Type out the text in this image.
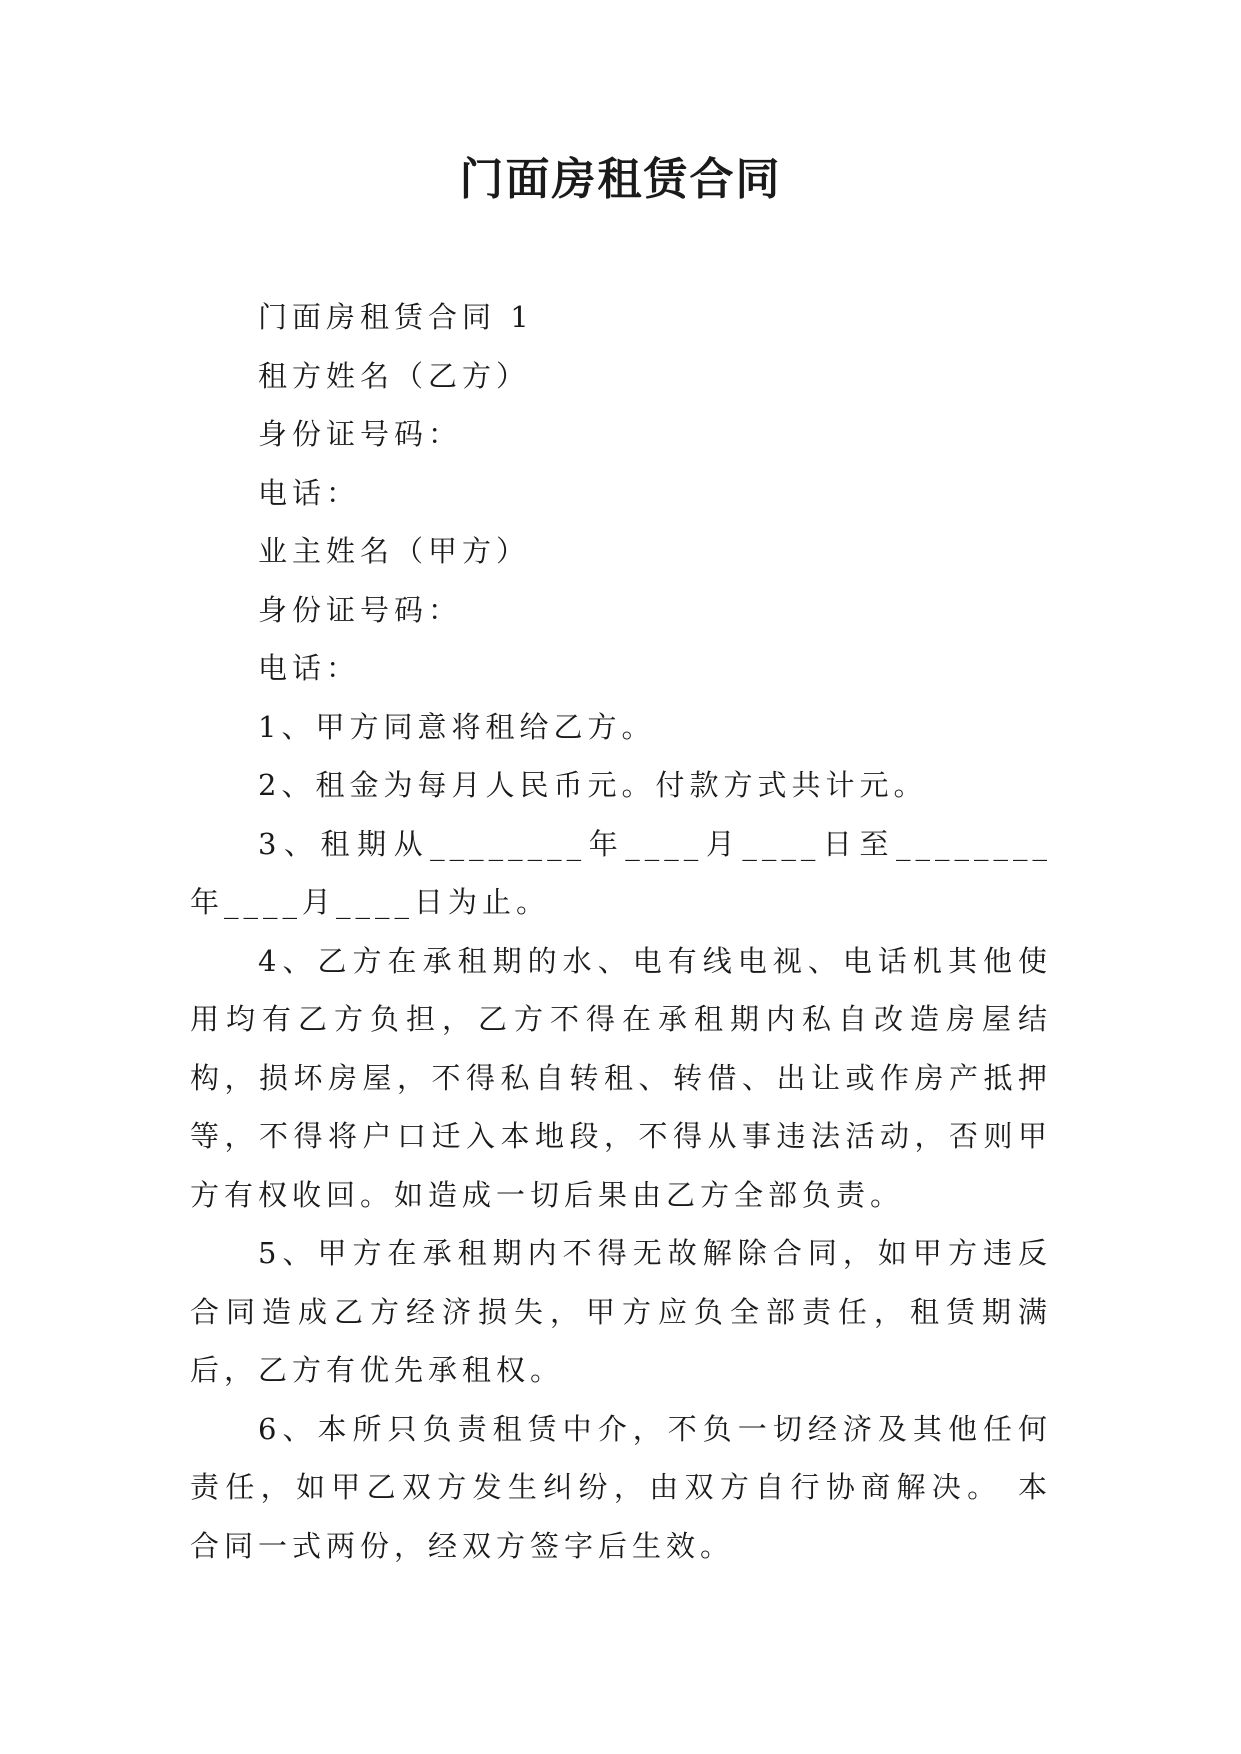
门面房租赁合同

门面房租赁合同 1

租方姓名（乙方）

身份证号码：

电话：

业主姓名（甲方）

身份证号码：

电话：

1、甲方同意将租给乙方。

2、租金为每月人民币元。付款方式共计元。

3、租期从________年____月____日至________年____月____日为止。

4、乙方在承租期的水、电有线电视、电话机其他使用均有乙方负担，乙方不得在承租期内私自改造房屋结构，损坏房屋，不得私自转租、转借、出让或作房产抵押等，不得将户口迁入本地段，不得从事违法活动，否则甲方有权收回。如造成一切后果由乙方全部负责。

5、甲方在承租期内不得无故解除合同，如甲方违反合同造成乙方经济损失，甲方应负全部责任，租赁期满后，乙方有优先承租权。

6、本所只负责租赁中介，不负一切经济及其他任何责任，如甲乙双方发生纠纷，由双方自行协商解决。 本合同一式两份，经双方签字后生效。
